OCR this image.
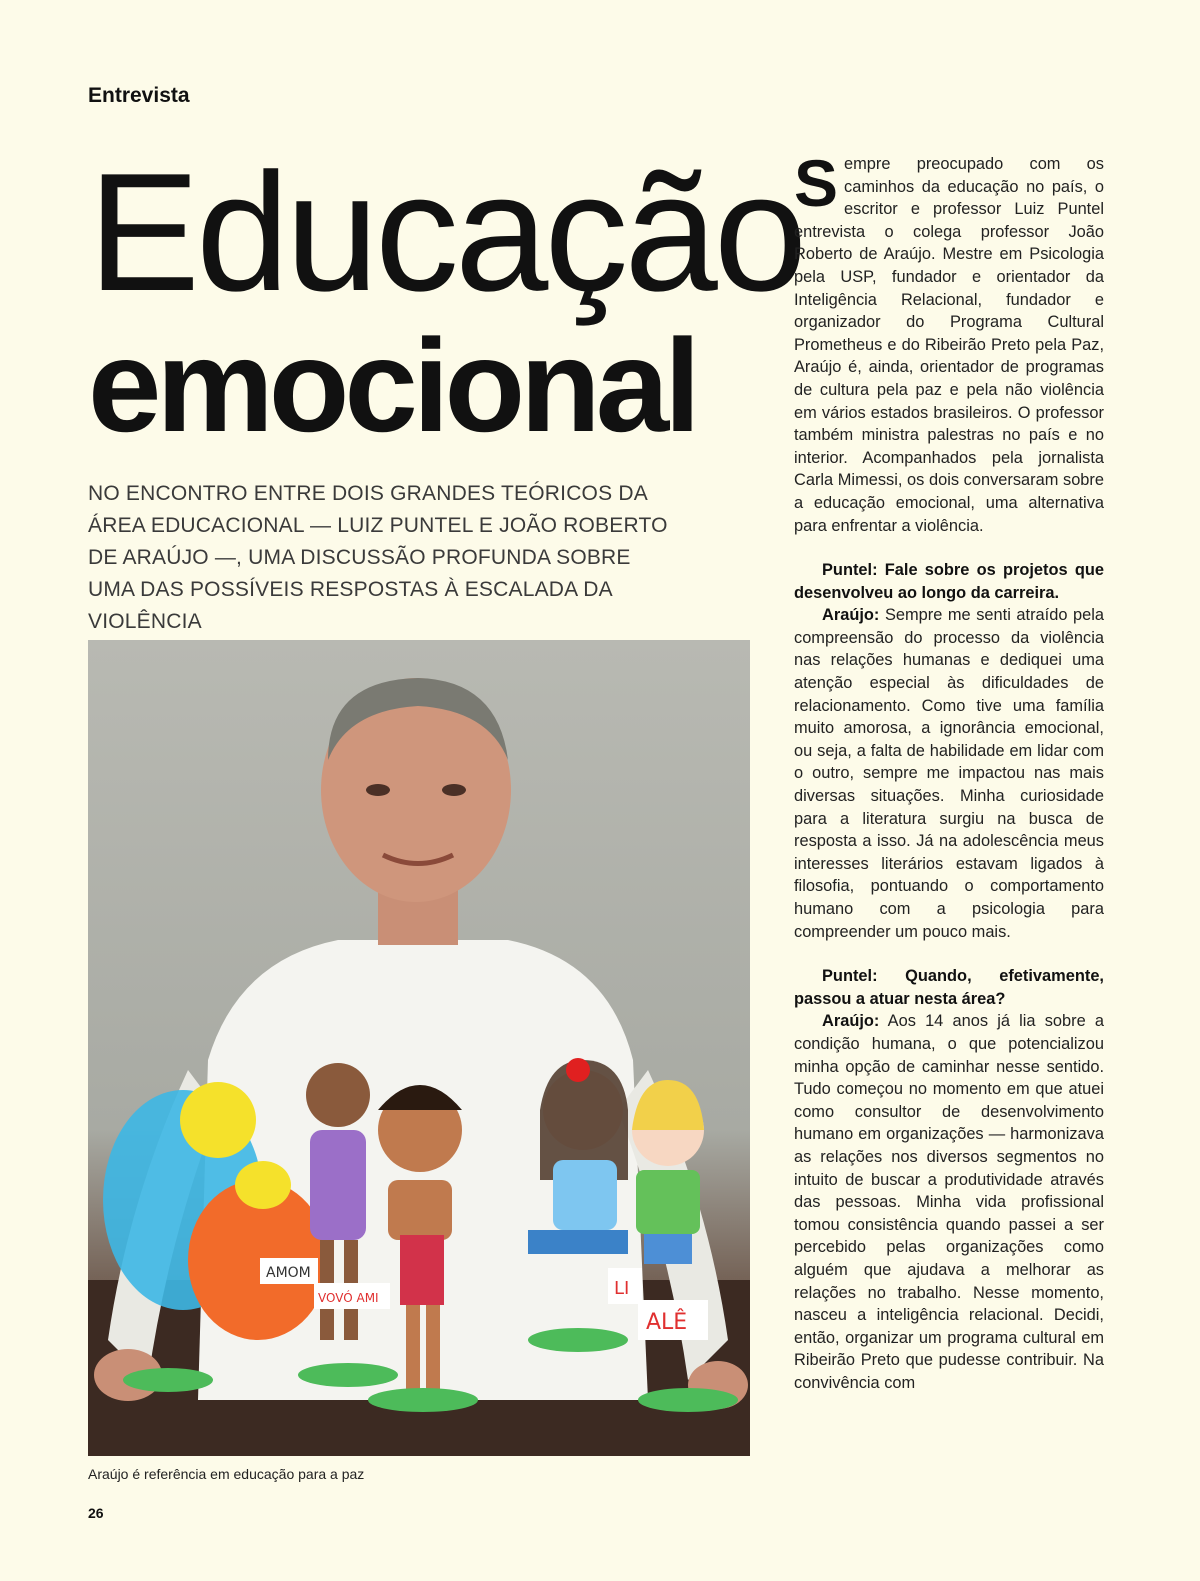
Entrevista
Educação
emocional
NO ENCONTRO ENTRE DOIS GRANDES TEÓRICOS DA ÁREA EDUCACIONAL — LUIZ PUNTEL E JOÃO ROBERTO DE ARAÚJO —, UMA DISCUSSÃO PROFUNDA SOBRE UMA DAS POSSÍVEIS RESPOSTAS À ESCALADA DA VIOLÊNCIA
AMOM
VOVÓ AMI	LI
ALÊ
Araújo é referência em educação para a paz
26

Sempre preocupado com os caminhos da educação no país, o escritor e professor Luiz Puntel entrevista o colega professor João Roberto de Araújo. Mestre em Psicologia pela USP, fundador e orientador da Inteligência Relacional, fundador e organizador do Programa Cultural Prometheus e do Ribeirão Preto pela Paz, Araújo é, ainda, orientador de programas de cultura pela paz e pela não violência em vários estados brasileiros. O professor também ministra palestras no país e no interior. Acompanhados pela jornalista Carla Mimessi, os dois conversaram sobre a educação emocional, uma alternativa para enfrentar a violência.

Puntel: Fale sobre os projetos que desenvolveu ao longo da carreira.

Araújo: Sempre me senti atraído pela compreensão do processo da violência nas relações humanas e dediquei uma atenção especial às dificuldades de relacionamento. Como tive uma família muito amorosa, a ignorância emocional, ou seja, a falta de habilidade em lidar com o outro, sempre me impactou nas mais diversas situações. Minha curiosidade para a literatura surgiu na busca de resposta a isso. Já na adolescência meus interesses literários estavam ligados à filosofia, pontuando o comportamento humano com a psicologia para compreender um pouco mais.

Puntel: Quando, efetivamente, passou a atuar nesta área?

Araújo: Aos 14 anos já lia sobre a condição humana, o que potencializou minha opção de caminhar nesse sentido. Tudo começou no momento em que atuei como consultor de desenvolvimento humano em organizações — harmonizava as relações nos diversos segmentos no intuito de buscar a produtividade através das pessoas. Minha vida profissional tomou consistência quando passei a ser percebido pelas organizações como alguém que ajudava a melhorar as relações no trabalho. Nesse momento, nasceu a inteligência relacional. Decidi, então, organizar um programa cultural em Ribeirão Preto que pudesse contribuir. Na convivência com
